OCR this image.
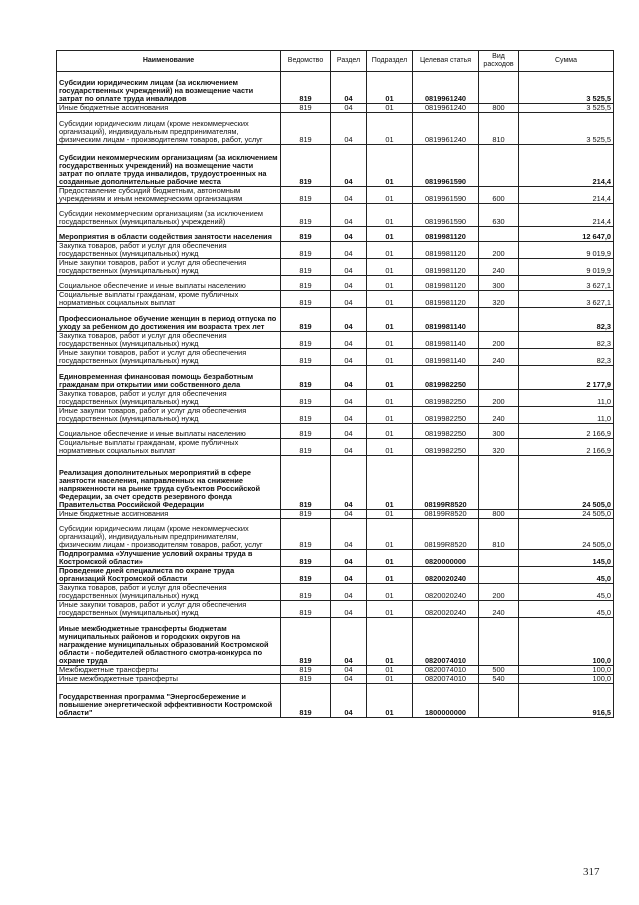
Наименование	Ведомство	Раздел	Подраздел	Целевая статья	Вид расходов	Сумма
Субсидии юридическим лицам (за исключением государственных учреждений) на возмещение части затрат по оплате труда инвалидов	819	04	01	0819961240		3 525,5
Иные бюджетные ассигнования	819	04	01	0819961240	800	3 525,5
Субсидии юридическим лицам (кроме некоммерческих организаций), индивидуальным предпринимателям, физическим лицам - производителям товаров, работ, услуг	819	04	01	0819961240	810	3 525,5
Субсидии некоммерческим организациям (за исключением государственных учреждений) на возмещение части затрат по оплате труда инвалидов, трудоустроенных на созданные дополнительные рабочие места	819	04	01	0819961590		214,4
Предоставление субсидий бюджетным, автономным учреждениям и иным некоммерческим организациям	819	04	01	0819961590	600	214,4
Субсидии некоммерческим организациям (за исключением государственных (муниципальных) учреждений)	819	04	01	0819961590	630	214,4
Мероприятия в области содействия занятости населения	819	04	01	0819981120		12 647,0
Закупка товаров, работ и услуг для обеспечения государственных (муниципальных) нужд	819	04	01	0819981120	200	9 019,9
Иные закупки товаров, работ и услуг для обеспечения государственных (муниципальных) нужд	819	04	01	0819981120	240	9 019,9
Социальное обеспечение и иные выплаты населению	819	04	01	0819981120	300	3 627,1
Социальные выплаты гражданам, кроме публичных нормативных социальных выплат	819	04	01	0819981120	320	3 627,1
Профессиональное обучение женщин в период отпуска по уходу за ребенком до достижения им возраста трех лет	819	04	01	0819981140		82,3
Закупка товаров, работ и услуг для обеспечения государственных (муниципальных) нужд	819	04	01	0819981140	200	82,3
Иные закупки товаров, работ и услуг для обеспечения государственных (муниципальных) нужд	819	04	01	0819981140	240	82,3
Единовременная финансовая помощь безработным гражданам при открытии ими собственного дела	819	04	01	0819982250		2 177,9
Закупка товаров, работ и услуг для обеспечения государственных (муниципальных) нужд	819	04	01	0819982250	200	11,0
Иные закупки товаров, работ и услуг для обеспечения государственных (муниципальных) нужд	819	04	01	0819982250	240	11,0
Социальное обеспечение и иные выплаты населению	819	04	01	0819982250	300	2 166,9
Социальные выплаты гражданам, кроме публичных нормативных социальных выплат	819	04	01	0819982250	320	2 166,9
Реализация дополнительных мероприятий в сфере занятости населения, направленных на снижение напряженности на рынке труда субъектов Российской Федерации, за счет средств резервного фонда Правительства Российской Федерации	819	04	01	08199R8520		24 505,0
Иные бюджетные ассигнования	819	04	01	08199R8520	800	24 505,0
Субсидии юридическим лицам (кроме некоммерческих организаций), индивидуальным предпринимателям, физическим лицам - производителям товаров, работ, услуг	819	04	01	08199R8520	810	24 505,0
Подпрограмма «Улучшение условий охраны труда в Костромской области»	819	04	01	0820000000		145,0
Проведение дней специалиста по охране труда организаций Костромской области	819	04	01	0820020240		45,0
Закупка товаров, работ и услуг для обеспечения государственных (муниципальных) нужд	819	04	01	0820020240	200	45,0
Иные закупки товаров, работ и услуг для обеспечения государственных (муниципальных) нужд	819	04	01	0820020240	240	45,0
Иные межбюджетные трансферты бюджетам муниципальных районов и городских округов на награждение муниципальных образований Костромской области - победителей областного смотра-конкурса по охране труда	819	04	01	0820074010		100,0
Межбюджетные трансферты	819	04	01	0820074010	500	100,0
Иные межбюджетные трансферты	819	04	01	0820074010	540	100,0
Государственная программа "Энергосбережение и повышение энергетической эффективности Костромской области"	819	04	01	1800000000		916,5
317
